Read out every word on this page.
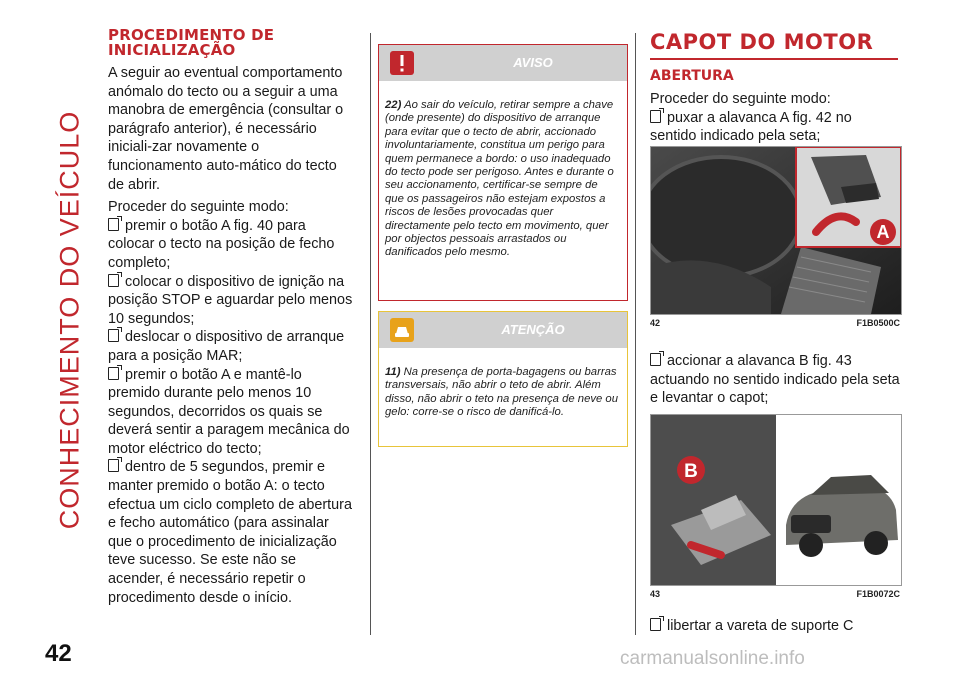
CONHECIMENTO DO VEÍCULO
PROCEDIMENTO DE
INICIALIZAÇÃO

A seguir ao eventual comportamento anómalo do tecto ou a seguir a uma manobra de emergência (consultar o parágrafo anterior), é necessário iniciali-zar novamente o funcionamento auto-mático do tecto de abrir.

Proceder do seguinte modo:

premir o botão A fig. 40 para colocar o tecto na posição de fecho completo;

colocar o dispositivo de ignição na posição STOP e aguardar pelo menos 10 segundos;

deslocar o dispositivo de arranque para a posição MAR;

premir o botão A e mantê-lo premido durante pelo menos 10 segundos, decorridos os quais se deverá sentir a paragem mecânica do motor eléctrico do tecto;

dentro de 5 segundos, premir e manter premido o botão A: o tecto efectua um ciclo completo de abertura e fecho automático (para assinalar que o procedimento de inicialização teve sucesso. Se este não se acender, é necessário repetir o procedimento desde o início.

AVISO
22) Ao sair do veículo, retirar sempre a chave (onde presente) do dispositivo de arranque para evitar que o tecto de abrir, accionado involuntariamente, constitua um perigo para quem permanece a bordo: o uso inadequado do tecto pode ser perigoso. Antes e durante o seu accionamento, certificar-se sempre de que os passageiros não estejam expostos a riscos de lesões provocadas quer directamente pelo tecto em movimento, quer por objectos pessoais arrastados ou danificados pelo mesmo.
ATENÇÃO
11) Na presença de porta-bagagens ou barras transversais, não abrir o teto de abrir. Além disso, não abrir o teto na presença de neve ou gelo: corre-se o risco de danificá-lo.
CAPOT DO MOTOR
ABERTURA

Proceder do seguinte modo:

puxar a alavanca A fig. 42 no sentido indicado pela seta;

A
42	F1B0500C

accionar a alavanca B fig. 43 actuando no sentido indicado pela seta e levantar o capot;

B
43	F1B0072C

libertar a vareta de suporte C

42	carmanualsonline.info
